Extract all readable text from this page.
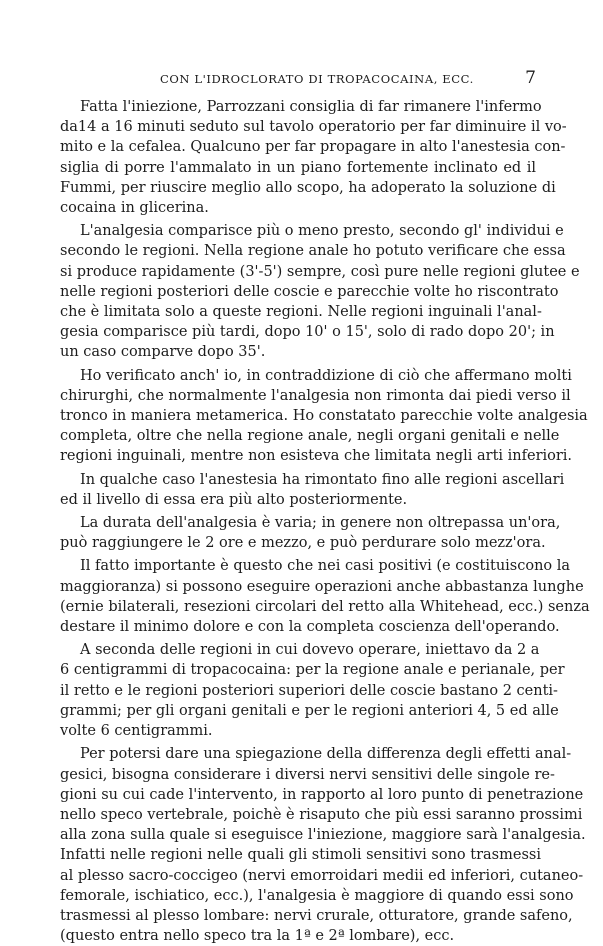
CON L'IDROCLORATO DI TROPACOCAINA, ECC.	7
Fatta l'iniezione, Parrozzani consiglia di far rimanere l'infermo
da14 a 16 minuti seduto sul tavolo operatorio per far diminuire il vo-
mito e la cefalea. Qualcuno per far propagare in alto l'anestesia con-
siglia di porre l'ammalato in un piano fortemente inclinato ed il
Fummi, per riuscire meglio allo scopo, ha adoperato la soluzione di
cocaina in glicerina.
L'analgesia comparisce più o meno presto, secondo gl' individui e
secondo le regioni. Nella regione anale ho potuto verificare che essa
si produce rapidamente (3'-5') sempre, così pure nelle regioni glutee e
nelle regioni posteriori delle coscie e parecchie volte ho riscontrato
che è limitata solo a queste regioni. Nelle regioni inguinali l'anal-
gesia comparisce più tardi, dopo 10' o 15', solo di rado dopo 20'; in
un caso comparve dopo 35'.
Ho verificato anch' io, in contraddizione di ciò che affermano molti
chirurghi, che normalmente l'analgesia non rimonta dai piedi verso il
tronco in maniera metamerica. Ho constatato parecchie volte analgesia
completa, oltre che nella regione anale, negli organi genitali e nelle
regioni inguinali, mentre non esisteva che limitata negli arti inferiori.
In qualche caso l'anestesia ha rimontato fino alle regioni ascellari
ed il livello di essa era più alto posteriormente.
La durata dell'analgesia è varia; in genere non oltrepassa un'ora,
può raggiungere le 2 ore e mezzo, e può perdurare solo mezz'ora.
Il fatto importante è questo che nei casi positivi (e costituiscono la
maggioranza) si possono eseguire operazioni anche abbastanza lunghe
(ernie bilaterali, resezioni circolari del retto alla Whitehead, ecc.) senza
destare il minimo dolore e con la completa coscienza dell'operando.
A seconda delle regioni in cui dovevo operare, iniettavo da 2 a
6 centigrammi di tropacocaina: per la regione anale e perianale, per
il retto e le regioni posteriori superiori delle coscie bastano 2 centi-
grammi; per gli organi genitali e per le regioni anteriori 4, 5 ed alle
volte 6 centigrammi.
Per potersi dare una spiegazione della differenza degli effetti anal-
gesici, bisogna considerare i diversi nervi sensitivi delle singole re-
gioni su cui cade l'intervento, in rapporto al loro punto di penetrazione
nello speco vertebrale, poichè è risaputo che più essi saranno prossimi
alla zona sulla quale si eseguisce l'iniezione, maggiore sarà l'analgesia.
Infatti nelle regioni nelle quali gli stimoli sensitivi sono trasmessi
al plesso sacro-coccigeo (nervi emorroidari medii ed inferiori, cutaneo-
femorale, ischiatico, ecc.), l'analgesia è maggiore di quando essi sono
trasmessi al plesso lombare: nervi crurale, otturatore, grande safeno,
(questo entra nello speco tra la 1ª e 2ª lombare), ecc.
